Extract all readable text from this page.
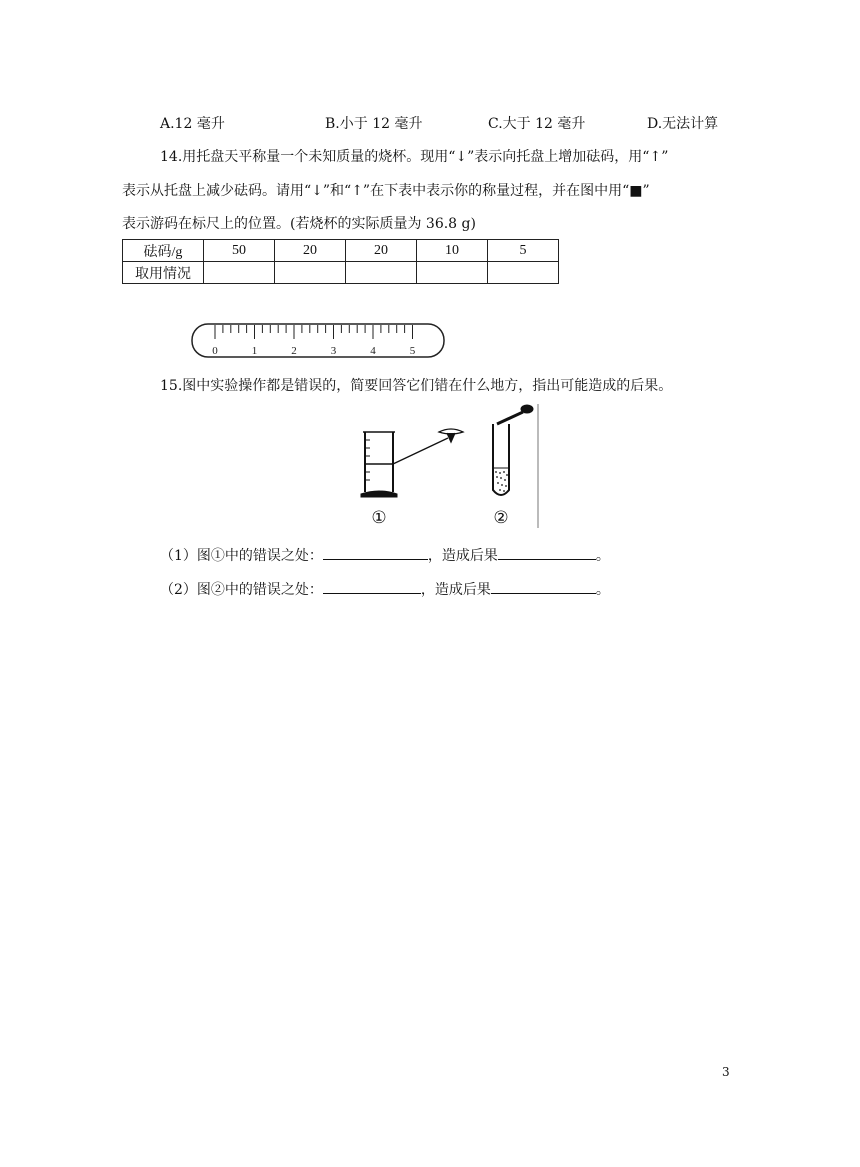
A.12 毫升	B.小于 12 毫升	C.大于 12 毫升	D.无法计算
14.用托盘天平称量一个未知质量的烧杯。现用“↓”表示向托盘上增加砝码，用“↑”
表示从托盘上减少砝码。请用“↓”和“↑”在下表中表示你的称量过程，并在图中用“■”
表示游码在标尺上的位置。(若烧杯的实际质量为 36.8 g)
砝码/g	50	20	20	10	5
取用情况					
0	1	2	3	4	5
15.图中实验操作都是错误的，简要回答它们错在什么地方，指出可能造成的后果。
①	②
（1）图①中的错误之处：	，造成后果	。
（2）图②中的错误之处：	，造成后果	。
3
